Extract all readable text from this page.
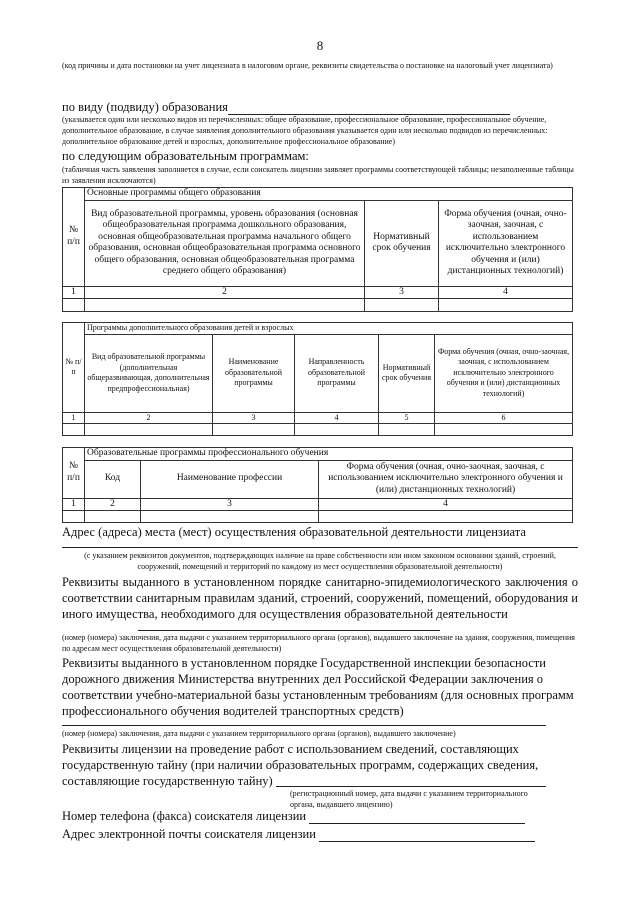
8
(код причины и дата постановки на учет лицензиата в налоговом органе, реквизиты свидетельства о постановке на налоговый учет лицензиата)
по виду (подвиду) образования
(указывается один или несколько видов из перечисленных: общее образование, профессиональное образование, профессиональное обучение, дополнительное образование, в случае заявления дополнительного образования указывается один или несколько подвидов из перечисленных: дополнительное образование детей и взрослых, дополнительное профессиональное образование)
по следующим образовательным программам:
(табличная часть заявления заполняется в случае, если соискатель лицензии заявляет программы соответствующей таблицы; незаполненные таблицы из заявления исключаются)
№ п/п	Основные программы общего образования		
	Вид образовательной программы, уровень образования (основная общеобразовательная программа дошкольного образования, основная общеобразовательная программа начального общего образования, основная общеобразовательная программа основного общего образования, основная общеобразовательная программа среднего общего образования)	Нормативный срок обучения	Форма обучения (очная, очно-заочная, заочная, с использованием исключительно электронного обучения и (или) дистанционных технологий)
1	2	3	4

№ п/п	Программы дополнительного образования детей и взрослых				
	Вид образовательной программы (дополнительная общеразвивающая, дополнительная предпрофессиональная)	Наименование образовательной программы	Направленность образовательной программы	Нормативный срок обучения	Форма обучения (очная, очно-заочная, заочная, с использованием исключительно электронного обучения и (или) дистанционных технологий)
1	2	3	4	5	6

№ п/п	Образовательные программы профессионального обучения		
	Код	Наименование профессии	Форма обучения (очная, очно-заочная, заочная, с использованием исключительно электронного обучения и (или) дистанционных технологий)
1	2	3	4

Адрес (адреса) места (мест) осуществления образовательной деятельности лицензиата
(с указанием реквизитов документов, подтверждающих наличие на праве собственности или ином законном основании зданий, строений, сооружений, помещений и территорий по каждому из мест осуществления образовательной деятельности)
Реквизиты выданного в установленном порядке санитарно-эпидемиологического заключения о соответствии санитарным правилам зданий, строений, сооружений, помещений, оборудования и иного имущества, необходимого для осуществления образовательной деятельности
(номер (номера) заключения, дата выдачи с указанием территориального органа (органов), выдавшего заключение на здания, сооружения, помещения по адресам мест осуществления образовательной деятельности)
Реквизиты выданного в установленном порядке Государственной инспекции безопасности дорожного движения Министерства внутренних дел Российской Федерации заключения о соответствии учебно-материальной базы установленным требованиям (для основных программ профессионального обучения водителей транспортных средств)
(номер (номера) заключения, дата выдачи с указанием территориального органа (органов), выдавшего заключение)
Реквизиты лицензии на проведение работ с использованием сведений, составляющих государственную тайну (при наличии образовательных программ, содержащих сведения, составляющие государственную тайну)
(регистрационный номер, дата выдачи с указанием территориального органа, выдавшего лицензию)
Номер телефона (факса) соискателя лицензии
Адрес электронной почты соискателя лицензии
